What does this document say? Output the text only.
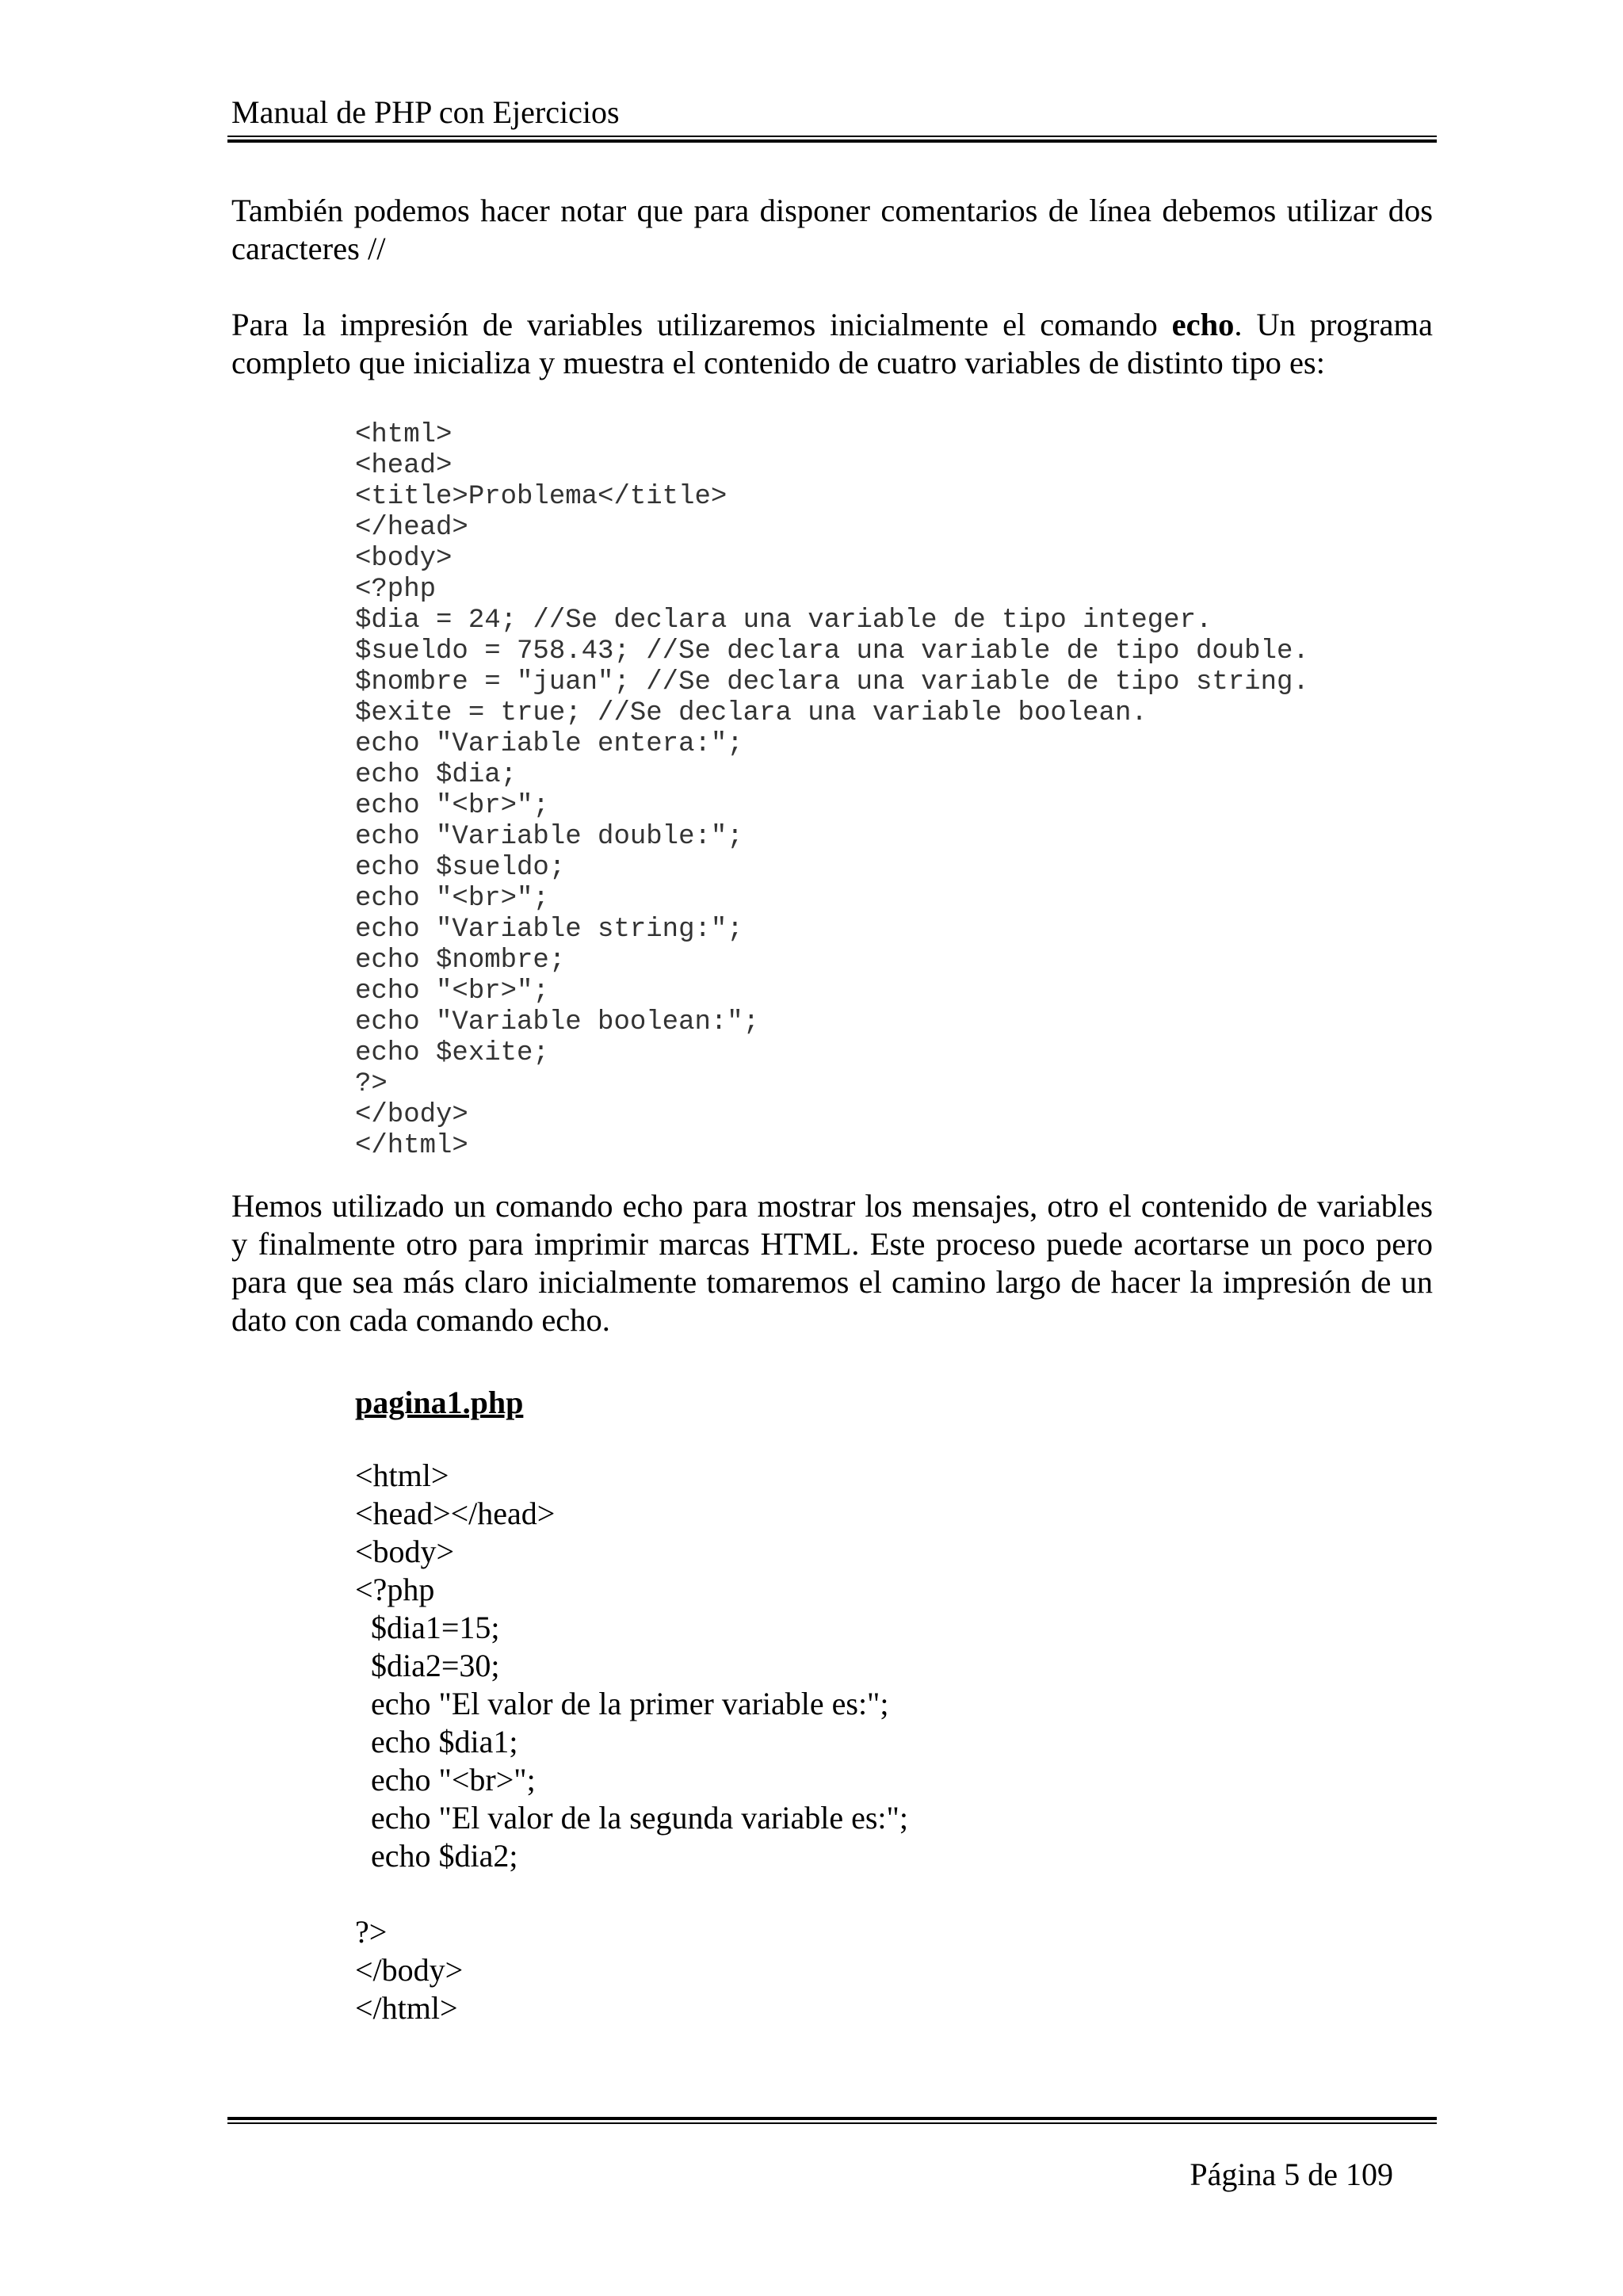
Manual de PHP con Ejercicios

También podemos hacer notar que para disponer comentarios de línea debemos utilizar dos caracteres //

Para la impresión de variables utilizaremos inicialmente el comando echo. Un programa completo que inicializa y muestra el contenido de cuatro variables de distinto tipo es:

<html>
<head>
<title>Problema</title>
</head>
<body>
<?php
$dia = 24; //Se declara una variable de tipo integer.
$sueldo = 758.43; //Se declara una variable de tipo double.
$nombre = "juan"; //Se declara una variable de tipo string.
$exite = true; //Se declara una variable boolean.
echo "Variable entera:";
echo $dia;
echo "<br>";
echo "Variable double:";
echo $sueldo;
echo "<br>";
echo "Variable string:";
echo $nombre;
echo "<br>";
echo "Variable boolean:";
echo $exite;
?>
</body>
</html>

Hemos utilizado un comando echo para mostrar los mensajes, otro el contenido de variables y finalmente otro para imprimir marcas HTML. Este proceso puede acortarse un poco pero para que sea más claro inicialmente tomaremos el camino largo de hacer la impresión de un dato con cada comando echo.

pagina1.php
<html>
<head></head>
<body>
<?php
$dia1=15;
$dia2=30;
echo "El valor de la primer variable es:";
echo $dia1;
echo "<br>";
echo "El valor de la segunda variable es:";
echo $dia2;
?>
</body>
</html>
Página 5 de 109
